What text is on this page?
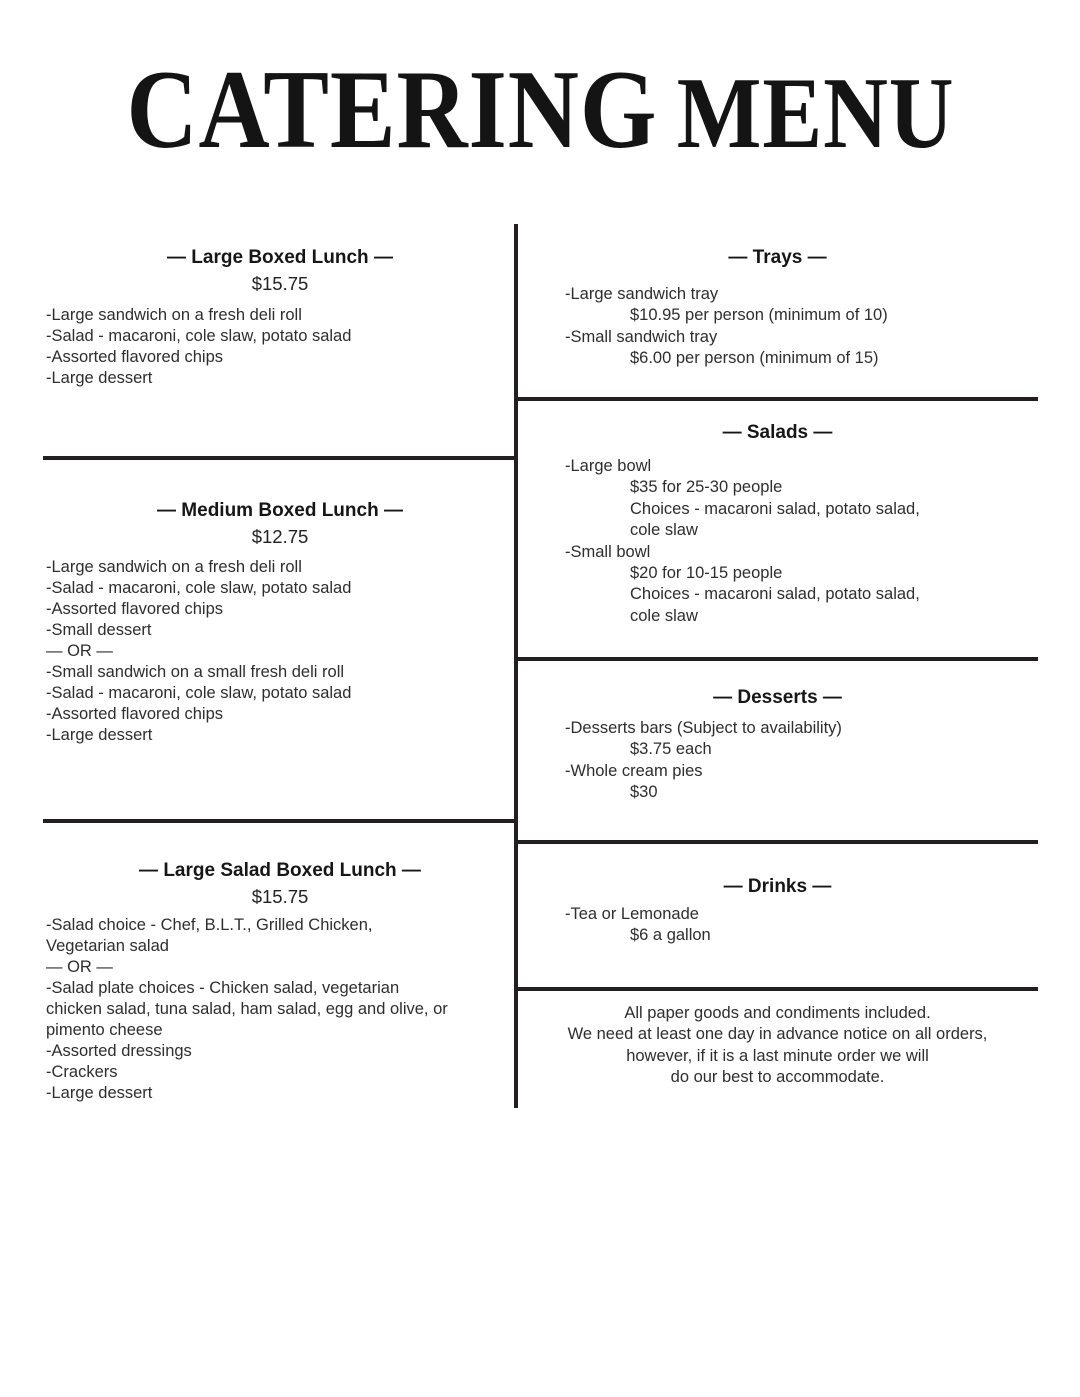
CATERING MENU
— Large Boxed Lunch —
$15.75
-Large sandwich on a fresh deli roll
-Salad - macaroni, cole slaw, potato salad
-Assorted flavored chips
-Large dessert
— Medium Boxed Lunch —
$12.75
-Large sandwich on a fresh deli roll
-Salad - macaroni, cole slaw, potato salad
-Assorted flavored chips
-Small dessert
— OR —
-Small sandwich on a small fresh deli roll
-Salad - macaroni, cole slaw, potato salad
-Assorted flavored chips
-Large dessert
— Large Salad Boxed Lunch —
$15.75
-Salad choice - Chef, B.L.T., Grilled Chicken,
Vegetarian salad
— OR —
-Salad plate choices - Chicken salad, vegetarian
chicken salad, tuna salad, ham salad, egg and olive, or
pimento cheese
-Assorted dressings
-Crackers
-Large dessert
— Trays —
-Large sandwich tray
$10.95 per person (minimum of 10)
-Small sandwich tray
$6.00 per person (minimum of 15)
— Salads —
-Large bowl
$35 for 25-30 people
Choices - macaroni salad, potato salad,
cole slaw
-Small bowl
$20 for 10-15 people
Choices - macaroni salad, potato salad,
cole slaw
— Desserts —
-Desserts bars (Subject to availability)
$3.75 each
-Whole cream pies
$30
— Drinks —
-Tea or Lemonade
$6 a gallon
All paper goods and condiments included.
We need at least one day in advance notice on all orders,
however, if it is a last minute order we will
do our best to accommodate.
